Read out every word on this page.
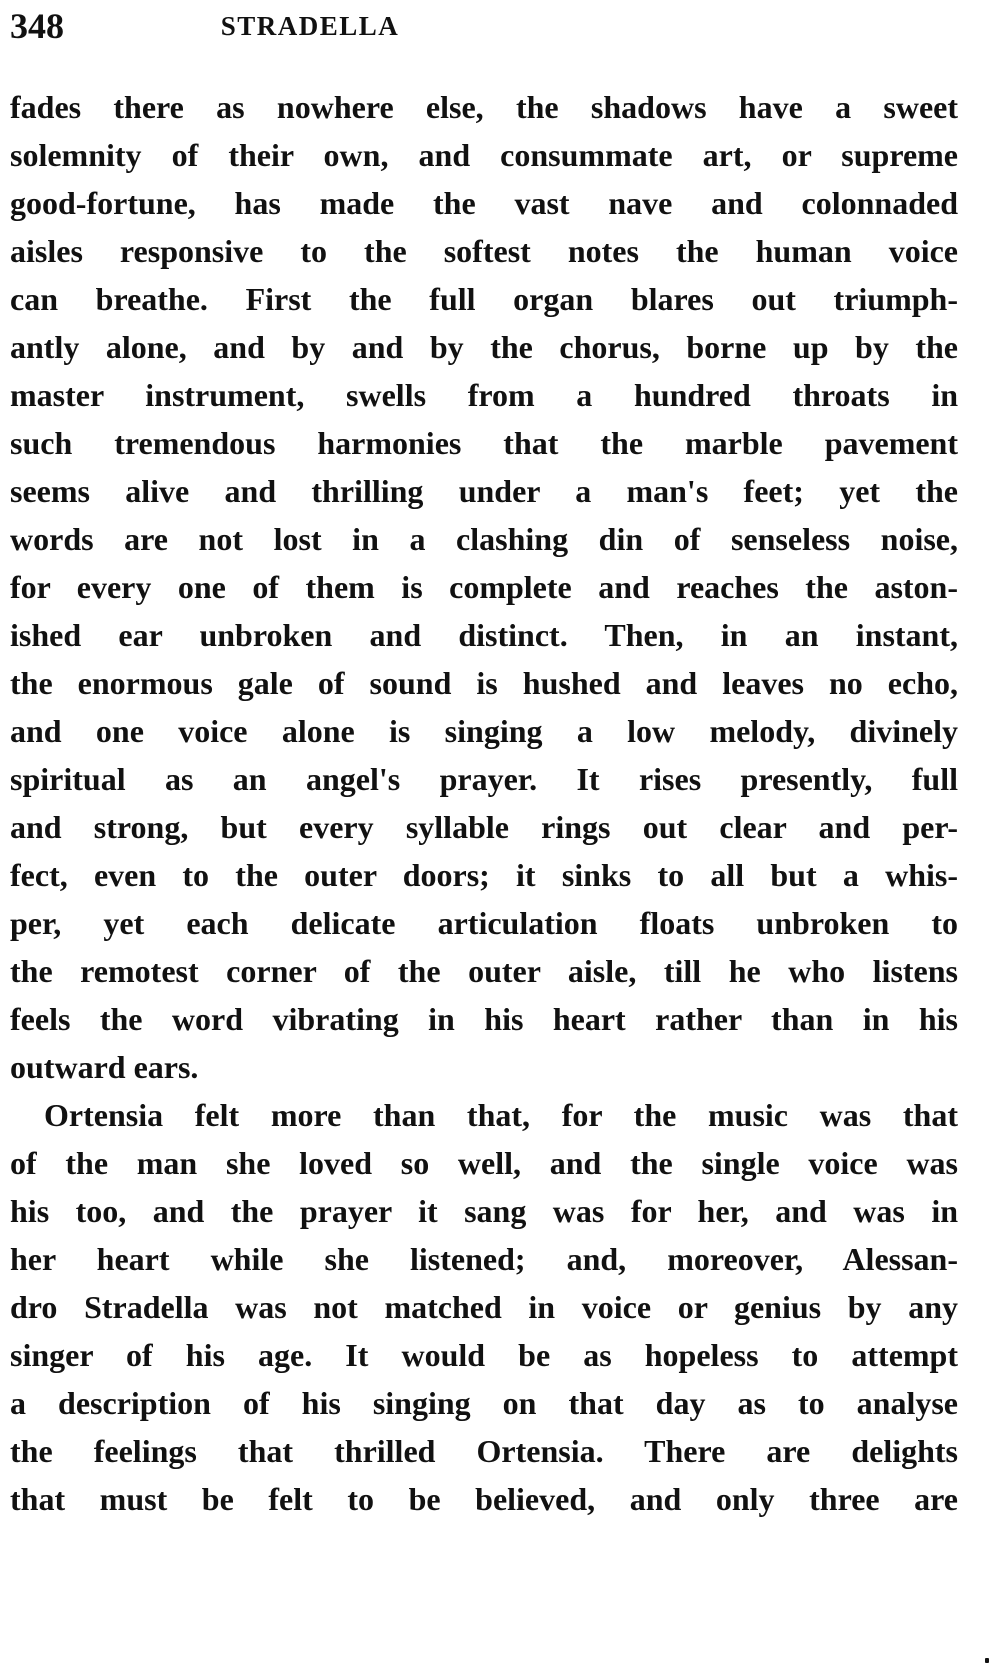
348	STRADELLA
fades there as nowhere else, the shadows have a sweet
solemnity of their own, and consummate art, or supreme
good-fortune, has made the vast nave and colonnaded
aisles responsive to the softest notes the human voice
can breathe. First the full organ blares out triumph-
antly alone, and by and by the chorus, borne up by the
master instrument, swells from a hundred throats in
such tremendous harmonies that the marble pavement
seems alive and thrilling under a man's feet; yet the
words are not lost in a clashing din of senseless noise,
for every one of them is complete and reaches the aston-
ished ear unbroken and distinct. Then, in an instant,
the enormous gale of sound is hushed and leaves no echo,
and one voice alone is singing a low melody, divinely
spiritual as an angel's prayer. It rises presently, full
and strong, but every syllable rings out clear and per-
fect, even to the outer doors; it sinks to all but a whis-
per, yet each delicate articulation floats unbroken to
the remotest corner of the outer aisle, till he who listens
feels the word vibrating in his heart rather than in his
outward ears.
Ortensia felt more than that, for the music was that
of the man she loved so well, and the single voice was
his too, and the prayer it sang was for her, and was in
her heart while she listened; and, moreover, Alessan-
dro Stradella was not matched in voice or genius by any
singer of his age. It would be as hopeless to attempt
a description of his singing on that day as to analyse
the feelings that thrilled Ortensia. There are delights
that must be felt to be believed, and only three are
